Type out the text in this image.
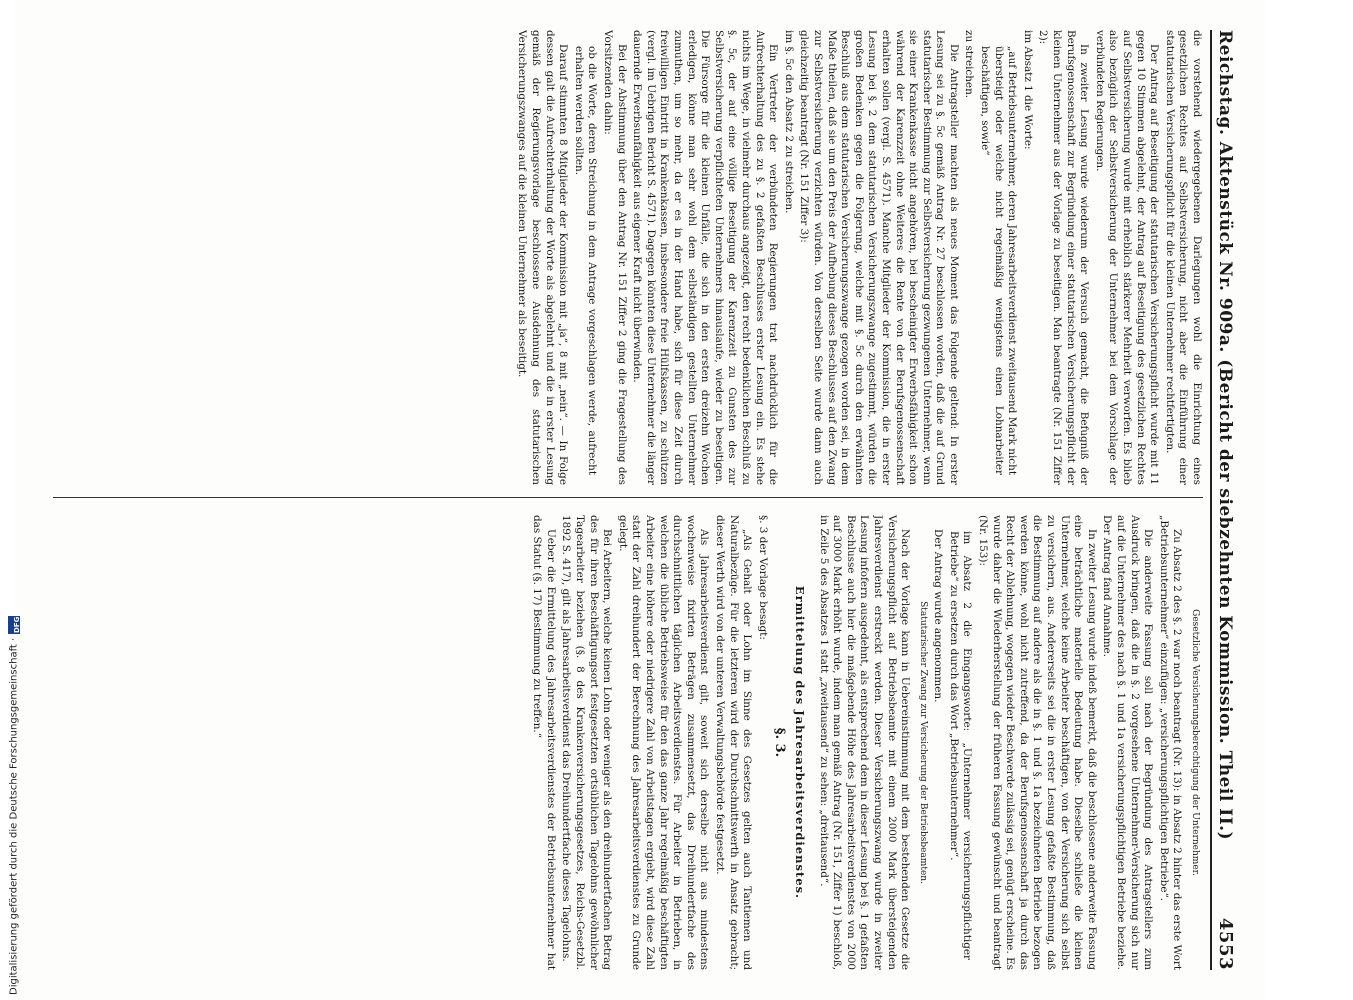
Reichstag. Aktenstück Nr. 909a. (Bericht der siebzehnten Kommission. Theil II.)
4553

die vorstehend wiedergegebenen Darlegungen wohl die Einrichtung eines gesetzlichen Rechtes auf Selbstversicherung, nicht aber die Einführung einer statutarischen Versicherungspflicht für die kleinen Unternehmer rechtfertigten.

Der Antrag auf Beseitigung der statutarischen Versicherungspflicht wurde mit 11 gegen 10 Stimmen abgelehnt, der Antrag auf Beseitigung des gesetzlichen Rechtes auf Selbstversicherung wurde mit erheblich stärkerer Mehrheit verworfen. Es blieb also bezüglich der Selbstversicherung der Unternehmer bei dem Vorschlage der verbündeten Regierungen.

In zweiter Lesung wurde wiederum der Versuch gemacht, die Befugniß der Berufsgenossenschaft zur Begründung einer statutarischen Versicherungspflicht der kleinen Unternehmer aus der Vorlage zu beseitigen. Man beantragte (Nr. 151 Ziffer 2):

im Absatz 1 die Worte:

„auf Betriebsunternehmer, deren Jahresarbeitsverdienst zweitausend Mark nicht übersteigt oder welche nicht regelmäßig wenigstens einen Lohnarbeiter beschäftigen, sowie“

zu streichen.

Die Antragsteller machten als neues Moment das Folgende geltend: In erster Lesung sei zu §. 5c gemäß Antrag Nr. 27 beschlossen worden, daß die auf Grund statutarischer Bestimmung zur Selbstversicherung gezwungenen Unternehmer, wenn sie einer Krankenkasse nicht angehören, bei bescheinigter Erwerbsfähigkeit schon während der Karenzzeit ohne Weiteres die Rente von der Berufsgenossenschaft erhalten sollen (vergl. S. 4571). Manche Mitglieder der Kommission, die in erster Lesung bei §. 2 dem statutarischen Versicherungszwange zugestimmt, würden die großen Bedenken gegen die Folgerung, welche mit §. 5c durch den erwähnten Beschluß aus dem statutarischen Versicherungszwange gezogen worden sei, in dem Maße theilen, daß sie um den Preis der Aufhebung dieses Beschlusses auf den Zwang zur Selbstversicherung verzichten würden. Von derselben Seite wurde dann auch gleichzeitig beantragt (Nr. 151 Ziffer 3):

im §. 5c den Absatz 2 zu streichen.

Ein Vertreter der verbündeten Regierungen trat nachdrücklich für die Aufrechterhaltung des zu §. 2 gefaßten Beschlusses erster Lesung ein. Es stehe nichts im Wege, in vielmehr durchaus angezeigt, den recht bedenklichen Beschluß zu §. 5c, der auf eine völlige Beseitigung der Karenzzeit zu Gunsten des zur Selbstversicherung verpflichteten Unternehmers hinauslaufe, wieder zu beseitigen. Die Fürsorge für die kleinen Unfälle, die sich in den ersten dreizehn Wochen erledigen, könne man sehr wohl dem selbständigen gestellten Unternehmer zumuthen, um so mehr, da er es in der Hand habe, sich für diese Zeit durch freiwilligen Eintritt in Krankenkassen, insbesondere freie Hülfskassen, zu schützen (vergl. im Uebrigen Bericht S. 4571). Dagegen könnten diese Unternehmer die länger dauernde Erwerbsunfähigkeit aus eigener Kraft nicht überwinden.

Bei der Abstimmung über den Antrag Nr. 151 Ziffer 2 ging die Fragestellung des Vorsitzenden dahin:

ob die Worte, deren Streichung in dem Antrage vorgeschlagen werde, aufrecht erhalten werden sollten.

Darauf stimmten 8 Mitglieder der Kommission mit „ja“, 8 mit „nein“. — In Folge dessen galt die Aufrechterhaltung der Worte als abgelehnt und die in erster Lesung gemäß der Regierungsvorlage beschlossene Ausdehnung des statutarischen Versicherungszwanges auf die kleinen Unternehmer als beseitigt.

Gesetzliche Versicherungsberechtigung der Unternehmer.

Zu Absatz 2 des §. 2 war noch beantragt (Nr. 13): in Absatz 2 hinter das erste Wort „Betriebsunternehmer“ einzufügen: „versicherungspflichtigen Betriebe“.

Die anderweite Fassung soll nach der Begründung des Antragstellers zum Ausdruck bringen, daß die in §. 2 vorgesehene Unternehmer-Versicherung sich nur auf die Unternehmer des nach §. 1 und 1a versicherungspflichtigen Betriebe beziehe. Der Antrag fand Annahme.

In zweiter Lesung wurde indeß bemerkt, daß die beschlossene anderweite Fassung eine beträchtliche materielle Bedeutung habe. Dieselbe schließe die kleinen Unternehmer, welche keine Arbeiter beschäftigen, von der Versicherung sich selbst zu versichern, aus. Andererseits sei die in erster Lesung gefaßte Bestimmung, daß die Bestimmung auf andere als die in §. 1 und §. 1a bezeichneten Betriebe bezogen werden könne, wohl nicht zutreffend, da der Berufsgenossenschaft ja durch das Recht der Ablehnung, wogegen wieder Beschwerde zulässig sei, genügt erscheine. Es wurde daher die Wiederherstellung der früheren Fassung gewünscht und beantragt (Nr. 153):

im Absatz 2 die Eingangsworte: „Unternehmer versicherungspflichtiger Betriebe“ zu ersetzen durch das Wort „Betriebsunternehmer“.

Der Antrag wurde angenommen.

Statutarischer Zwang zur Versicherung der Betriebsbeamten.

Nach der Vorlage kann in Uebereinstimmung mit dem bestehenden Gesetze die Versicherungspflicht auf Betriebsbeamte mit einem 2000 Mark übersteigenden Jahresverdienst erstreckt werden. Dieser Versicherungszwang wurde in zweiter Lesung infofern ausgedehnt, als entsprechend dem in dieser Lesung bei §. 1 gefaßten Beschlusse auch hier die maßgebende Höhe des Jahresarbeitsverdienstes von 2000 auf 3000 Mark erhöht wurde, indem man gemäß Antrag (Nr. 151, Ziffer 1) beschloß, in Zeile 5 des Absatzes 1 statt „zweitausend“ zu sehen: „dreitausend“.

Ermittelung des Jahresarbeitsverdienstes.

§. 3.

§. 3 der Vorlage besagt:

„Als Gehalt oder Lohn im Sinne des Gesetzes gelten auch Tantiemen und Naturalbezüge. Für die letzteren wird der Durchschnittswerth in Ansatz gebracht; dieser Werth wird von der unteren Verwaltungsbehörde festgesetzt.

Als Jahresarbeitsverdienst gilt, soweit sich derselbe nicht aus mindestens wochenweise fixirten Beträgen zusammensetzt, das Dreihundertfache des durchschnittlichen täglichen Arbeitsverdienstes. Für Arbeiter in Betrieben, in welchen die übliche Betriebsweise für den das ganze Jahr regelmäßig beschäftigten Arbeiter eine höhere oder niedrigere Zahl von Arbeitstagen ergiebt, wird diese Zahl statt der Zahl dreihundert der Berechnung des Jahresarbeitsverdienstes zu Grunde gelegt.

Bei Arbeitern, welche keinen Lohn oder weniger als den dreihundertfachen Betrag des für ihren Beschäftigungsort festgesetzten ortsüblichen Tagelohns gewöhnlicher Tagearbeiter beziehen (§. 8 des Krankenversicherungsgesetzes, Reichs-Gesetzbl. 1892 S. 417), gilt als Jahresarbeitsverdienst das Dreihundertfache dieses Tagelohns.

Ueber die Ermittelung des Jahresarbeitsverdienstes der Betriebsunternehmer hat das Statut (§. 17) Bestimmung zu treffen.“

Digitalisierung gefördert durch die Deutsche Forschungsgemeinschaft ·
DFG
